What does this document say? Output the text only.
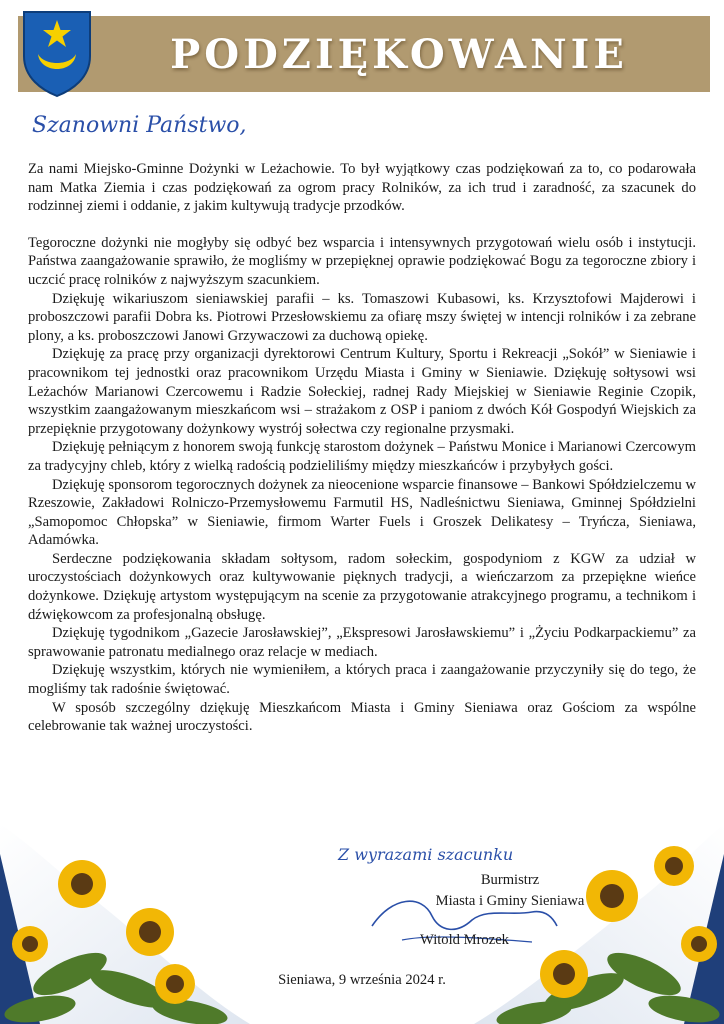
PODZIĘKOWANIE
Szanowni Państwo,

Za nami Miejsko-Gminne Dożynki w Leżachowie. To był wyjątkowy czas podziękowań za to, co podarowała nam Matka Ziemia i czas podziękowań za ogrom pracy Rolników, za ich trud i zaradność, za szacunek do rodzinnej ziemi i oddanie, z jakim kultywują tradycje przodków.

Tegoroczne dożynki nie mogłyby się odbyć bez wsparcia i intensywnych przygotowań wielu osób i instytucji. Państwa zaangażowanie sprawiło, że mogliśmy w przepięknej oprawie podziękować Bogu za tegoroczne zbiory i uczcić pracę rolników z najwyższym szacunkiem.

Dziękuję wikariuszom sieniawskiej parafii – ks. Tomaszowi Kubasowi, ks. Krzysztofowi Majderowi i proboszczowi parafii Dobra ks. Piotrowi Przesłowskiemu za ofiarę mszy świętej w intencji rolników i za zebrane plony, a ks. proboszczowi Janowi Grzywaczowi za duchową opiekę.

Dziękuję za pracę przy organizacji dyrektorowi Centrum Kultury, Sportu i Rekreacji „Sokół” w Sieniawie i pracownikom tej jednostki oraz pracownikom Urzędu Miasta i Gminy w Sieniawie. Dziękuję sołtysowi wsi Leżachów Marianowi Czercowemu i Radzie Sołeckiej, radnej Rady Miejskiej w Sieniawie Reginie Czopik, wszystkim zaangażowanym mieszkańcom wsi – strażakom z OSP i paniom z dwóch Kół Gospodyń Wiejskich za przepięknie przygotowany dożynkowy wystrój sołectwa czy regionalne przysmaki.

Dziękuję pełniącym z honorem swoją funkcję starostom dożynek – Państwu Monice i Marianowi Czercowym za tradycyjny chleb, który z wielką radością podzieliliśmy między mieszkańców i przybyłych gości.

Dziękuję sponsorom tegorocznych dożynek za nieocenione wsparcie finansowe – Bankowi Spółdzielczemu w Rzeszowie, Zakładowi Rolniczo-Przemysłowemu Farmutil HS, Nadleśnictwu Sieniawa, Gminnej Spółdzielni „Samopomoc Chłopska” w Sieniawie, firmom Warter Fuels i Groszek Delikatesy – Tryńcza, Sieniawa, Adamówka.

Serdeczne podziękowania składam sołtysom, radom sołeckim, gospodyniom z KGW za udział w uroczystościach dożynkowych oraz kultywowanie pięknych tradycji, a wieńczarzom za przepiękne wieńce dożynkowe. Dziękuję artystom występującym na scenie za przygotowanie atrakcyjnego programu, a technikom i dźwiękowcom za profesjonalną obsługę.

Dziękuję tygodnikom „Gazecie Jarosławskiej”, „Ekspresowi Jarosławskiemu” i „Życiu Podkarpackiemu” za sprawowanie patronatu medialnego oraz relacje w mediach.

Dziękuję wszystkim, których nie wymieniłem, a których praca i zaangażowanie przyczyniły się do tego, że mogliśmy tak radośnie świętować.

W sposób szczególny dziękuję Mieszkańcom Miasta i Gminy Sieniawa oraz Gościom za wspólne celebrowanie tak ważnej uroczystości.

Z wyrazami szacunku
Burmistrz
Miasta i Gminy Sieniawa
Witold Mrozek
Sieniawa, 9 września 2024 r.
